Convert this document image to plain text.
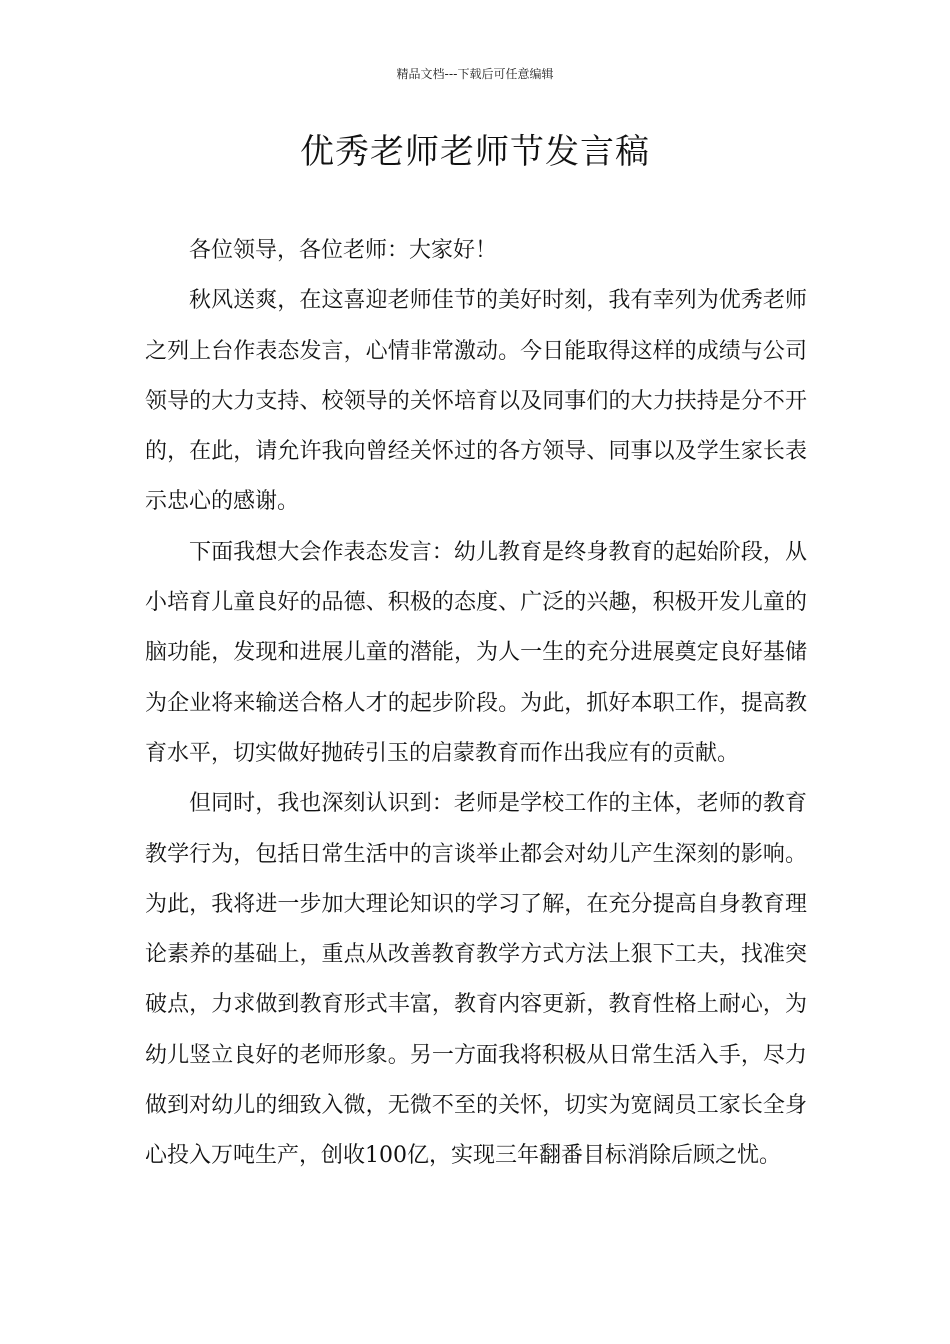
精品文档---下载后可任意编辑
优秀老师老师节发言稿

各位领导，各位老师：大家好！

秋风送爽，在这喜迎老师佳节的美好时刻，我有幸列为优秀老师之列上台作表态发言，心情非常激动。今日能取得这样的成绩与公司领导的大力支持、校领导的关怀培育以及同事们的大力扶持是分不开的，在此，请允许我向曾经关怀过的各方领导、同事以及学生家长表示忠心的感谢。

下面我想大会作表态发言：幼儿教育是终身教育的起始阶段，从小培育儿童良好的品德、积极的态度、广泛的兴趣，积极开发儿童的脑功能，发现和进展儿童的潜能，为人一生的充分进展奠定良好基储为企业将来输送合格人才的起步阶段。为此，抓好本职工作，提高教育水平，切实做好抛砖引玉的启蒙教育而作出我应有的贡献。

但同时，我也深刻认识到：老师是学校工作的主体，老师的教育教学行为，包括日常生活中的言谈举止都会对幼儿产生深刻的影响。为此，我将进一步加大理论知识的学习了解，在充分提高自身教育理论素养的基础上，重点从改善教育教学方式方法上狠下工夫，找准突破点，力求做到教育形式丰富，教育内容更新，教育性格上耐心，为幼儿竖立良好的老师形象。另一方面我将积极从日常生活入手，尽力做到对幼儿的细致入微，无微不至的关怀，切实为宽阔员工家长全身心投入万吨生产，创收100亿，实现三年翻番目标消除后顾之忧。
